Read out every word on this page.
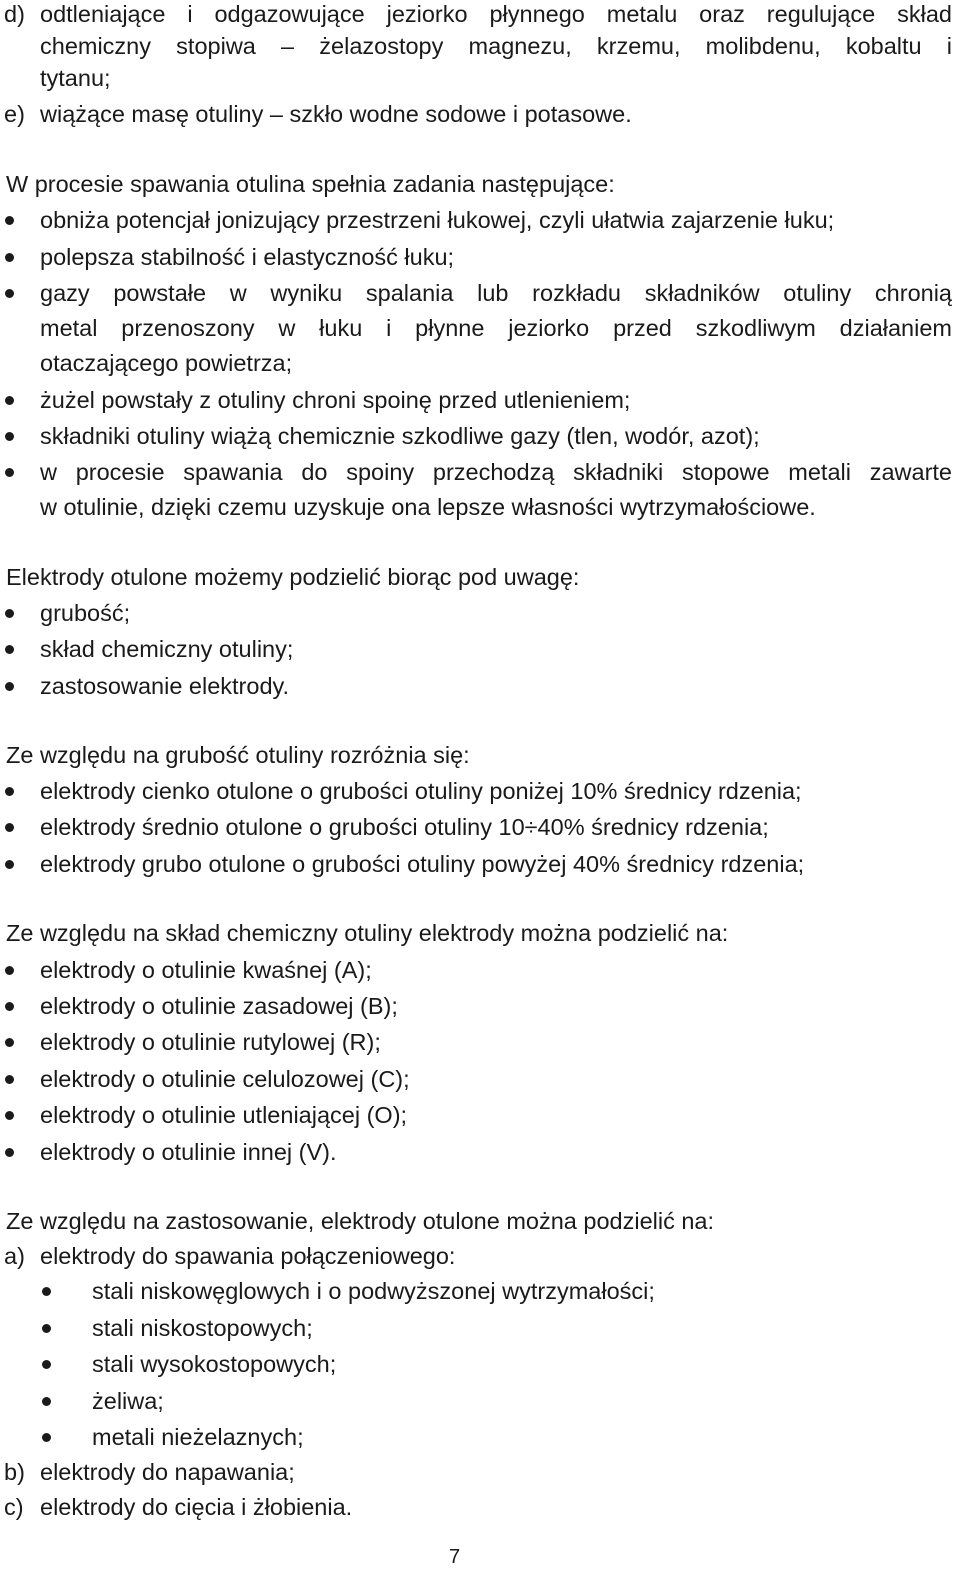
d) odtleniające i odgazowujące jeziorko płynnego metalu oraz regulujące skład
chemiczny stopiwa – żelazostopy magnezu, krzemu, molibdenu, kobaltu i
tytanu;
e) wiążące masę otuliny – szkło wodne sodowe i potasowe.
W procesie spawania otulina spełnia zadania następujące:
obniża potencjał jonizujący przestrzeni łukowej, czyli ułatwia zajarzenie łuku;
polepsza stabilność i elastyczność łuku;
gazy powstałe w wyniku spalania lub rozkładu składników otuliny chronią
metal przenoszony w łuku i płynne jeziorko przed szkodliwym działaniem
otaczającego powietrza;
żużel powstały z otuliny chroni spoinę przed utlenieniem;
składniki otuliny wiążą chemicznie szkodliwe gazy (tlen, wodór, azot);
w procesie spawania do spoiny przechodzą składniki stopowe metali zawarte
w otulinie, dzięki czemu uzyskuje ona lepsze własności wytrzymałościowe.
Elektrody otulone możemy podzielić biorąc pod uwagę:
grubość;
skład chemiczny otuliny;
zastosowanie elektrody.
Ze względu na grubość otuliny rozróżnia się:
elektrody cienko otulone o grubości otuliny poniżej 10% średnicy rdzenia;
elektrody średnio otulone o grubości otuliny 10÷40% średnicy rdzenia;
elektrody grubo otulone o grubości otuliny powyżej 40% średnicy rdzenia;
Ze względu na skład chemiczny otuliny elektrody można podzielić na:
elektrody o otulinie kwaśnej (A);
elektrody o otulinie zasadowej (B);
elektrody o otulinie rutylowej (R);
elektrody o otulinie celulozowej (C);
elektrody o otulinie utleniającej (O);
elektrody o otulinie innej (V).
Ze względu na zastosowanie, elektrody otulone można podzielić na:
a) elektrody do spawania połączeniowego:
stali niskowęglowych i o podwyższonej wytrzymałości;
stali niskostopowych;
stali wysokostopowych;
żeliwa;
metali nieżelaznych;
b) elektrody do napawania;
c) elektrody do cięcia i żłobienia.
7
